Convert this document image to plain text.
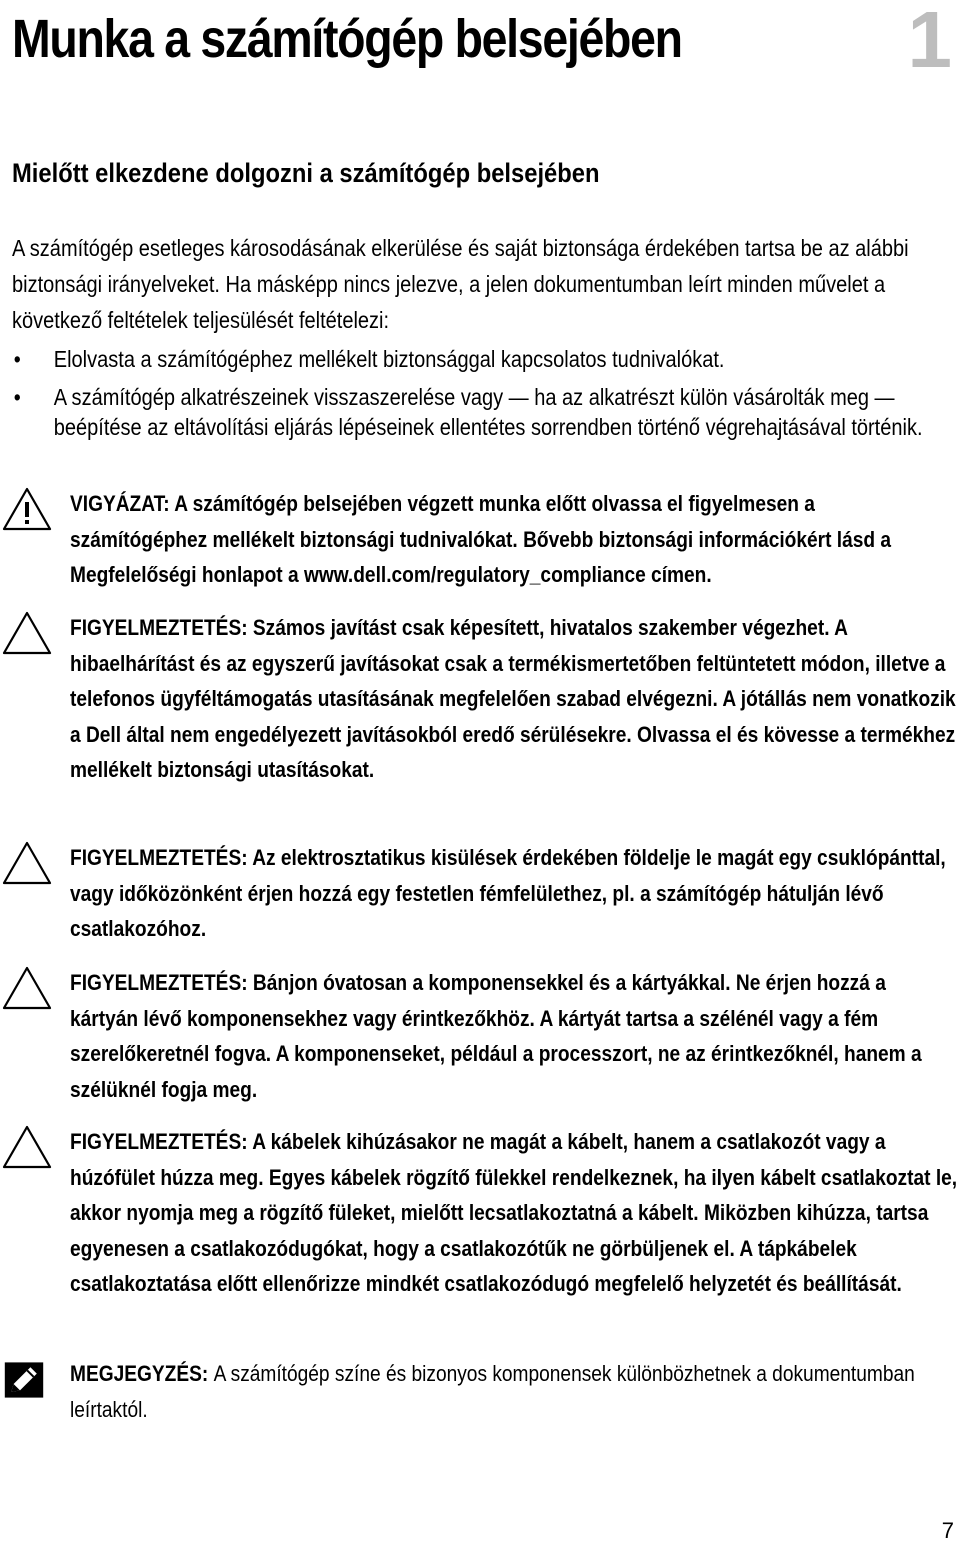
Munka a számítógép belsejében	1
Mielőtt elkezdene dolgozni a számítógép belsejében
A számítógép esetleges károsodásának elkerülése és saját biztonsága érdekében tartsa be az alábbi biztonsági irányelveket. Ha másképp nincs jelezve, a jelen dokumentumban leírt minden művelet a következő feltételek teljesülését feltételezi:
• Elolvasta a számítógéphez mellékelt biztonsággal kapcsolatos tudnivalókat.
• A számítógép alkatrészeinek visszaszerelése vagy — ha az alkatrészt külön vásárolták meg — beépítése az eltávolítási eljárás lépéseinek ellentétes sorrendben történő végrehajtásával történik.
VIGYÁZAT: A számítógép belsejében végzett munka előtt olvassa el figyelmesen a számítógéphez mellékelt biztonsági tudnivalókat. Bővebb biztonsági információkért lásd a Megfelelőségi honlapot a www.dell.com/regulatory_compliance címen.
FIGYELMEZTETÉS: Számos javítást csak képesített, hivatalos szakember végezhet. A hibaelhárítást és az egyszerű javításokat csak a termékismertetőben feltüntetett módon, illetve a telefonos ügyféltámogatás utasításának megfelelően szabad elvégezni. A jótállás nem vonatkozik a Dell által nem engedélyezett javításokból eredő sérülésekre. Olvassa el és kövesse a termékhez mellékelt biztonsági utasításokat.
FIGYELMEZTETÉS: Az elektrosztatikus kisülések érdekében földelje le magát egy csuklópánttal, vagy időközönként érjen hozzá egy festetlen fémfelülethez, pl. a számítógép hátulján lévő csatlakozóhoz.
FIGYELMEZTETÉS: Bánjon óvatosan a komponensekkel és a kártyákkal. Ne érjen hozzá a kártyán lévő komponensekhez vagy érintkezőkhöz. A kártyát tartsa a szélénél vagy a fém szerelőkeretnél fogva. A komponenseket, például a processzort, ne az érintkezőknél, hanem a szélüknél fogja meg.
FIGYELMEZTETÉS: A kábelek kihúzásakor ne magát a kábelt, hanem a csatlakozót vagy a húzófület húzza meg. Egyes kábelek rögzítő fülekkel rendelkeznek, ha ilyen kábelt csatlakoztat le, akkor nyomja meg a rögzítő füleket, mielőtt lecsatlakoztatná a kábelt. Miközben kihúzza, tartsa egyenesen a csatlakozódugókat, hogy a csatlakozótűk ne görbüljenek el. A tápkábelek csatlakoztatása előtt ellenőrizze mindkét csatlakozódugó megfelelő helyzetét és beállítását.
MEGJEGYZÉS: A számítógép színe és bizonyos komponensek különbözhetnek a dokumentumban leírtaktól.
7
